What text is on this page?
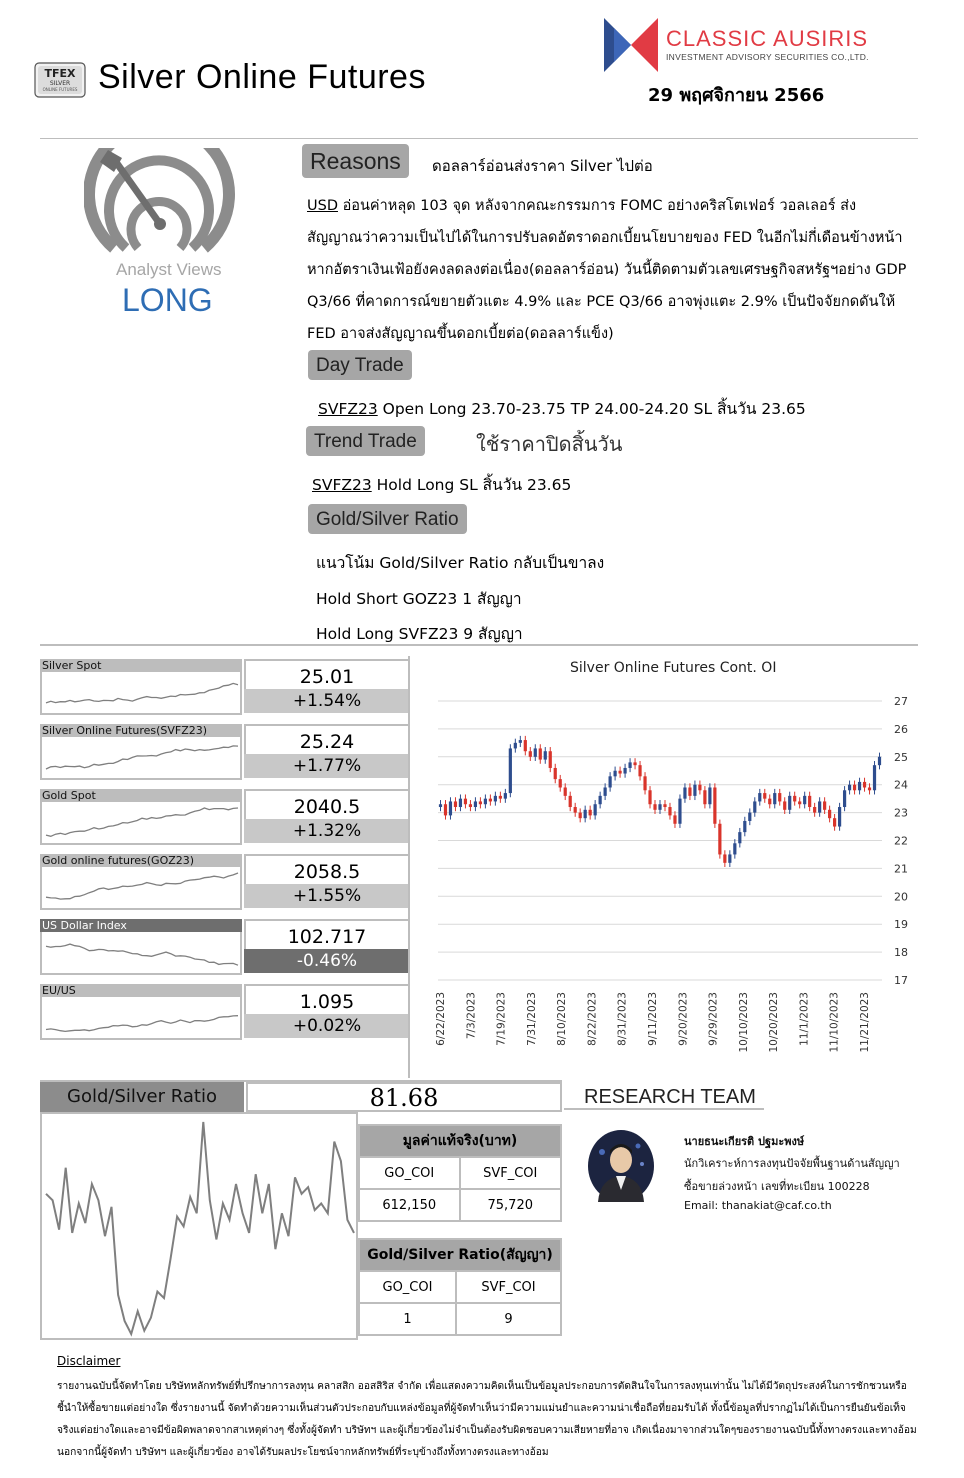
TFEX
SILVER
ONLINE FUTURES Silver Online Futures
CLASSIC AUSIRIS
INVESTMENT ADVISORY SECURITIES CO.,LTD.
29 พฤศจิกายน 2566
Analyst Views
LONG
Reasons	ดอลลาร์อ่อนส่งราคา Silver ไปต่อ
USD อ่อนค่าหลุด 103 จุด หลังจากคณะกรรมการ FOMC อย่างคริสโตเฟอร์ วอลเลอร์ ส่งสัญญาณว่าความเป็นไปได้ในการปรับลดอัตราดอกเบี้ยนโยบายของ FED ในอีกไม่กี่เดือนข้างหน้า หากอัตราเงินเฟ้อยังคงลดลงต่อเนื่อง(ดอลลาร์อ่อน) วันนี้ติดตามตัวเลขเศรษฐกิจสหรัฐฯอย่าง GDP Q3/66 ที่คาดการณ์ขยายตัวแตะ 4.9% และ PCE Q3/66 อาจพุ่งแตะ 2.9% เป็นปัจจัยกดดันให้ FED อาจส่งสัญญาณขึ้นดอกเบี้ยต่อ(ดอลลาร์แข็ง)
Day Trade
SVFZ23 Open Long 23.70-23.75 TP 24.00-24.20 SL สิ้นวัน 23.65
Trend Trade	ใช้ราคาปิดสิ้นวัน
SVFZ23 Hold Long SL สิ้นวัน 23.65
Gold/Silver Ratio
แนวโน้ม Gold/Silver Ratio กลับเป็นขาลง
Hold Short GOZ23 1 สัญญา
Hold Long SVFZ23 9 สัญญา
Silver Spot
25.01
+1.54%
Silver Online Futures(SVFZ23)
25.24
+1.77%
Gold Spot
2040.5
+1.32%
Gold online futures(GOZ23)
2058.5
+1.55%
US Dollar Index
102.717
-0.46%
EU/US
1.095
+0.02%
Silver Online Futures Cont. OI
17
18
19
20
21
22
23
24
25
26
27
6/22/2023 7/3/2023 7/19/2023 7/31/2023 8/10/2023 8/22/2023 8/31/2023 9/11/2023 9/20/2023 9/29/2023 10/10/2023 10/20/2023 11/1/2023 11/10/2023 11/21/2023
Gold/Silver Ratio	81.68
มูลค่าแท้จริง(บาท)	
GO_COI	SVF_COI
612,150	75,720
Gold/Silver Ratio(สัญญา)	
GO_COI	SVF_COI
1	9
RESEARCH TEAM
นายธนะเกียรติ ปฐมะพงษ์
นักวิเคราะห์การลงทุนปัจจัยพื้นฐานด้านสัญญา
ซื้อขายล่วงหน้า เลขที่ทะเบียน 100228
Email: thanakiat@caf.co.th
Disclaimer
รายงานฉบับนี้จัดทำโดย บริษัทหลักทรัพย์ที่ปรึกษาการลงทุน คลาสสิก ออสสิริส จำกัด เพื่อแสดงความคิดเห็นเป็นข้อมูลประกอบการตัดสินใจในการลงทุนเท่านั้น ไม่ได้มีวัตถุประสงค์ในการชักชวนหรือชี้นำให้ซื้อขายแต่อย่างใด ซึ่งรายงานนี้ จัดทำด้วยความเห็นส่วนตัวประกอบกับแหล่งข้อมูลที่ผู้จัดทำเห็นว่ามีความแม่นยำและความน่าเชื่อถือที่ยอมรับได้ ทั้งนี้ข้อมูลที่ปรากฏไม่ได้เป็นการยืนยันข้อเท็จจริงแต่อย่างใดและอาจมีข้อผิดพลาดจากสาเหตุต่างๆ ซึ่งทั้งผู้จัดทำ บริษัทฯ และผู้เกี่ยวข้องไม่จำเป็นต้องรับผิดชอบความเสียหายที่อาจ เกิดเนื่องมาจากส่วนใดๆของรายงานฉบับนี้ทั้งทางตรงและทางอ้อม นอกจากนี้ผู้จัดทำ บริษัทฯ และผู้เกี่ยวข้อง อาจได้รับผลประโยชน์จากหลักทรัพย์ที่ระบุข้างถึงทั้งทางตรงและทางอ้อม
